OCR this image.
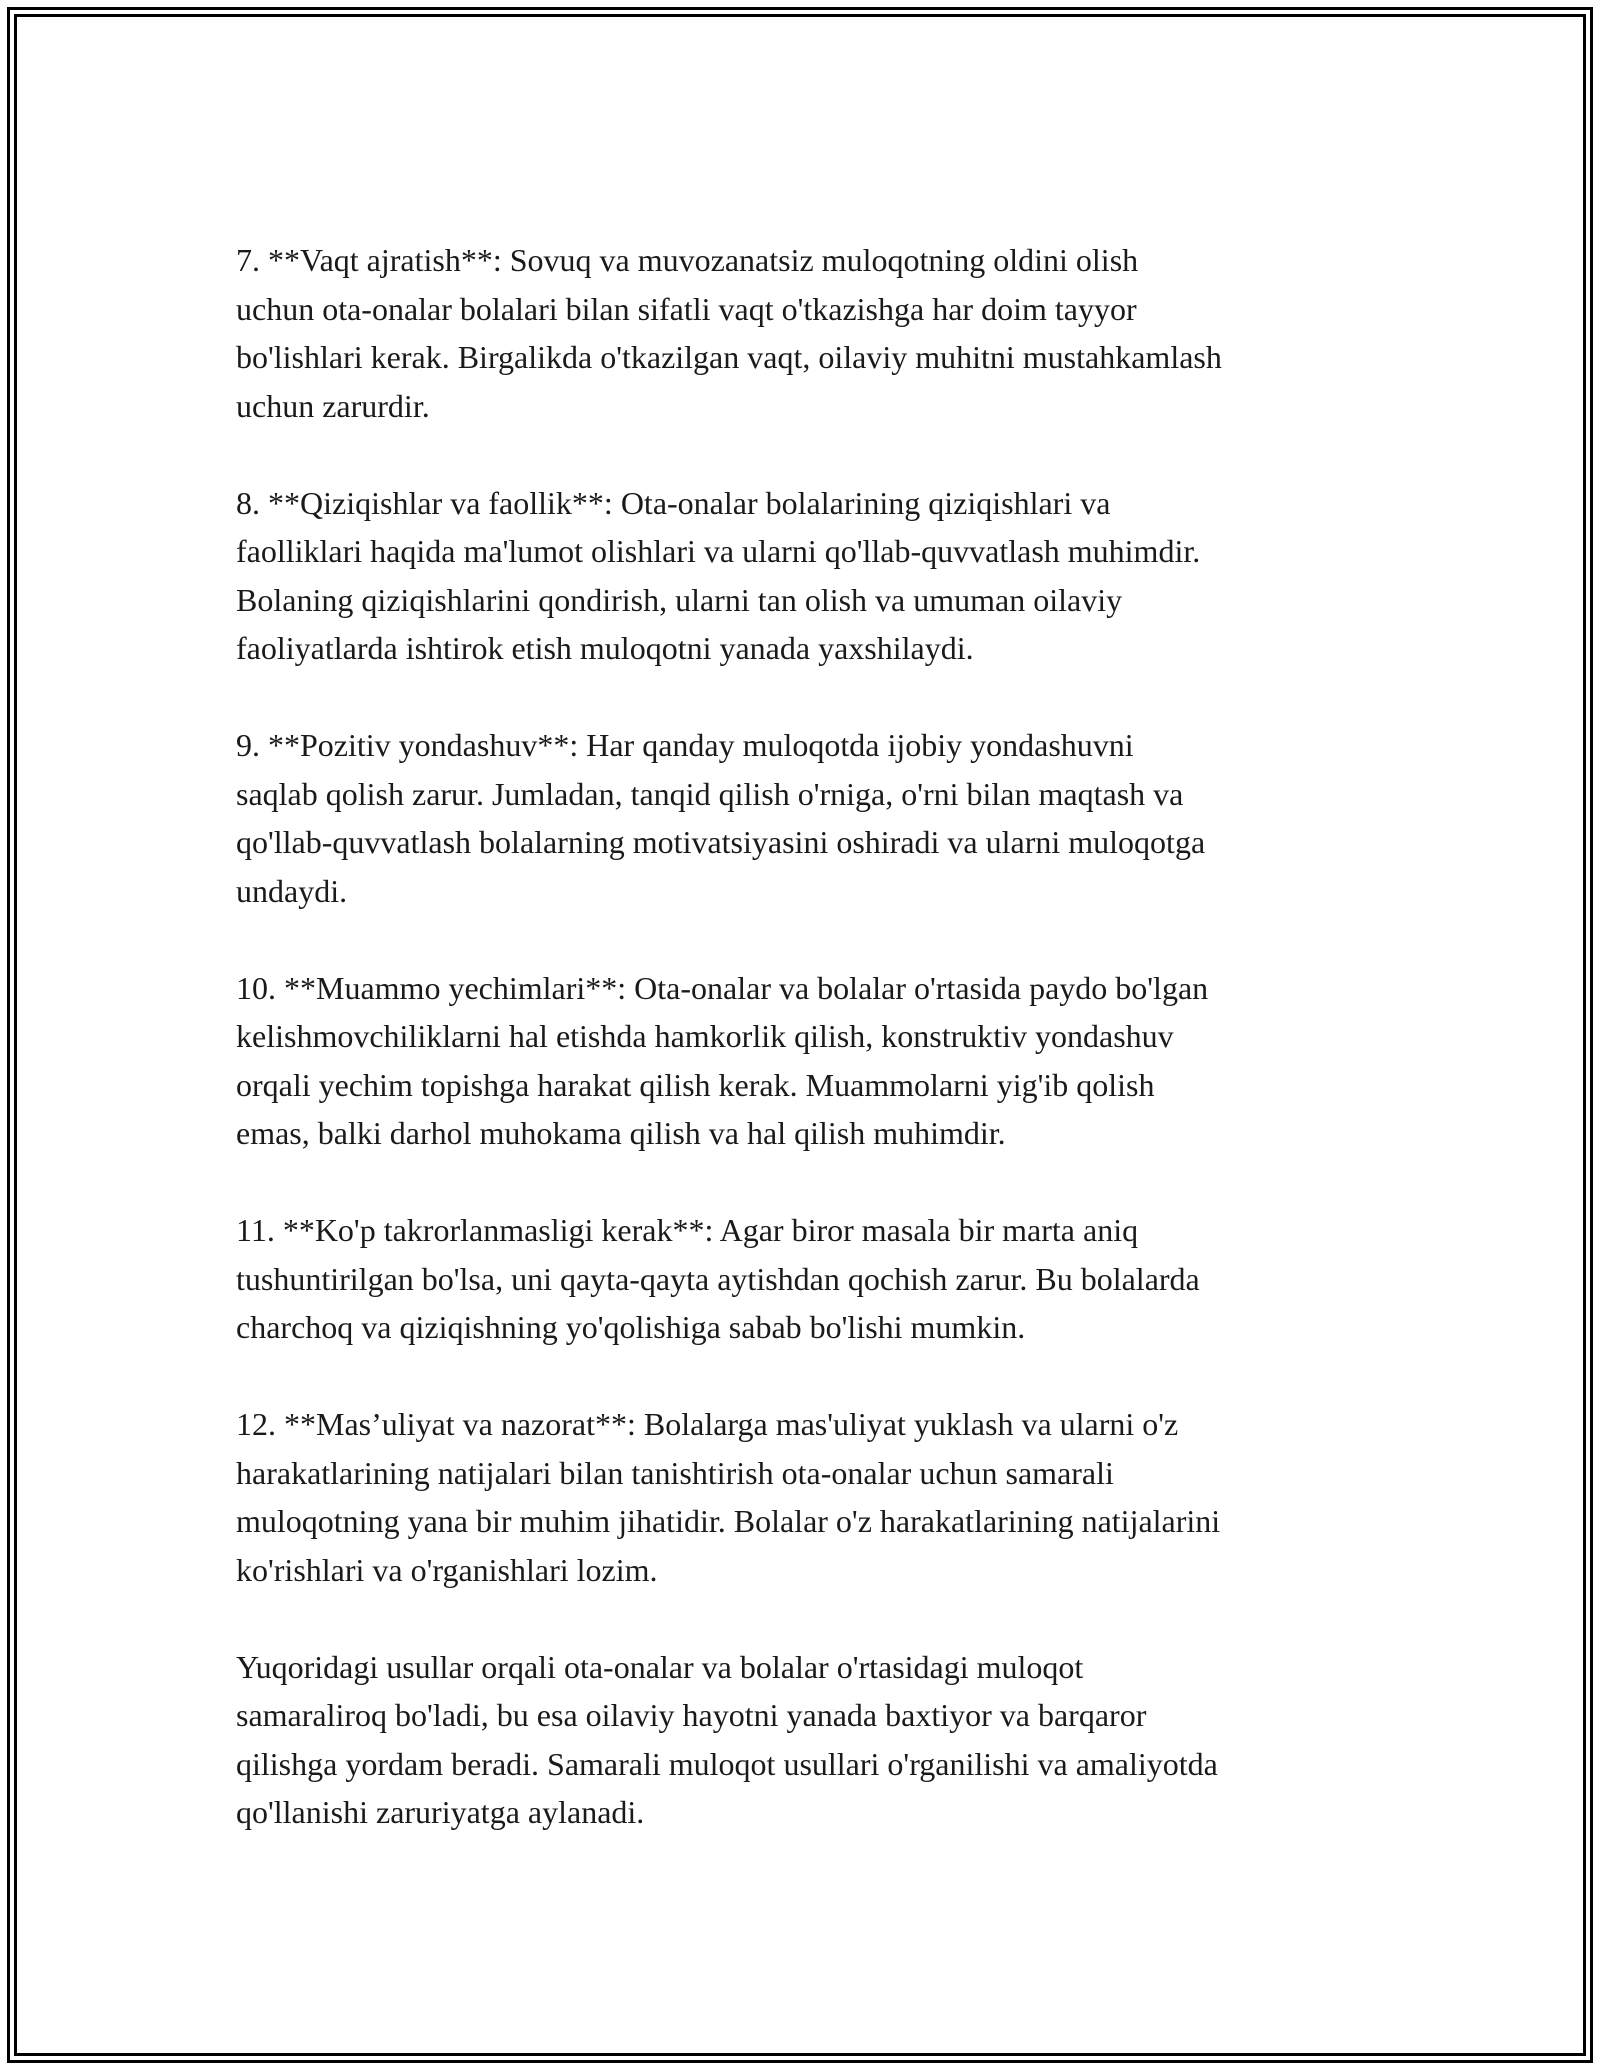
7. **Vaqt ajratish**: Sovuq va muvozanatsiz muloqotning oldini olish
uchun ota-onalar bolalari bilan sifatli vaqt o'tkazishga har doim tayyor
bo'lishlari kerak. Birgalikda o'tkazilgan vaqt, oilaviy muhitni mustahkamlash
uchun zarurdir.

8. **Qiziqishlar va faollik**: Ota-onalar bolalarining qiziqishlari va
faolliklari haqida ma'lumot olishlari va ularni qo'llab-quvvatlash muhimdir.
Bolaning qiziqishlarini qondirish, ularni tan olish va umuman oilaviy
faoliyatlarda ishtirok etish muloqotni yanada yaxshilaydi.

9. **Pozitiv yondashuv**: Har qanday muloqotda ijobiy yondashuvni
saqlab qolish zarur. Jumladan, tanqid qilish o'rniga, o'rni bilan maqtash va
qo'llab-quvvatlash bolalarning motivatsiyasini oshiradi va ularni muloqotga
undaydi.

10. **Muammo yechimlari**: Ota-onalar va bolalar o'rtasida paydo bo'lgan
kelishmovchiliklarni hal etishda hamkorlik qilish, konstruktiv yondashuv
orqali yechim topishga harakat qilish kerak. Muammolarni yig'ib qolish
emas, balki darhol muhokama qilish va hal qilish muhimdir.

11. **Ko'p takrorlanmasligi kerak**: Agar biror masala bir marta aniq
tushuntirilgan bo'lsa, uni qayta-qayta aytishdan qochish zarur. Bu bolalarda
charchoq va qiziqishning yo'qolishiga sabab bo'lishi mumkin.

12. **Mas’uliyat va nazorat**: Bolalarga mas'uliyat yuklash va ularni o'z
harakatlarining natijalari bilan tanishtirish ota-onalar uchun samarali
muloqotning yana bir muhim jihatidir. Bolalar o'z harakatlarining natijalarini
ko'rishlari va o'rganishlari lozim.

Yuqoridagi usullar orqali ota-onalar va bolalar o'rtasidagi muloqot
samaraliroq bo'ladi, bu esa oilaviy hayotni yanada baxtiyor va barqaror
qilishga yordam beradi. Samarali muloqot usullari o'rganilishi va amaliyotda
qo'llanishi zaruriyatga aylanadi.
